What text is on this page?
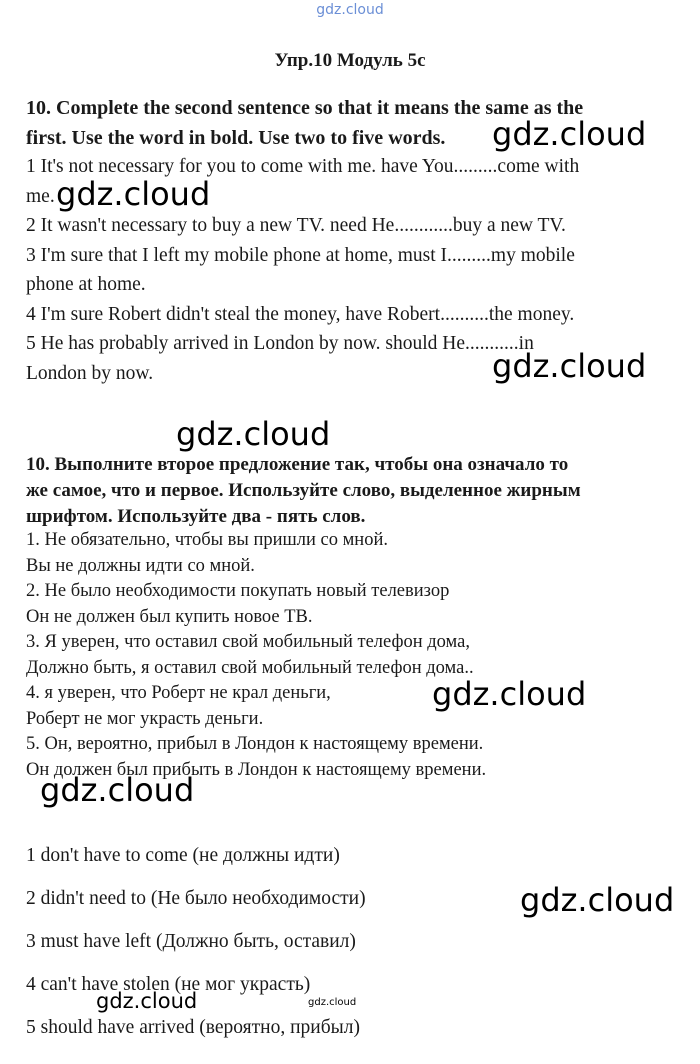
gdz.cloud
Упр.10 Модуль 5c
10. Complete the second sentence so that it means the same as the
first. Use the word in bold. Use two to five words.
1 It's not necessary for you to come with me. have You.........come with
me.
2 It wasn't necessary to buy a new TV. need He............buy a new TV.
3 I'm sure that I left my mobile phone at home, must I.........my mobile
phone at home.
4 I'm sure Robert didn't steal the money, have Robert..........the money.
5 He has probably arrived in London by now. should He...........in
London by now.
10. Выполните второе предложение так, чтобы она означало то
же самое, что и первое. Используйте слово, выделенное жирным
шрифтом. Используйте два - пять слов.
1. Не обязательно, чтобы вы пришли со мной.
Вы не должны идти со мной.
2. Не было необходимости покупать новый телевизор
Он не должен был купить новое ТВ.
3. Я уверен, что оставил свой мобильный телефон дома,
Должно быть, я оставил свой мобильный телефон дома..
4. я уверен, что Роберт не крал деньги,
Роберт не мог украсть деньги.
5. Он, вероятно, прибыл в Лондон к настоящему времени.
Он должен был прибыть в Лондон к настоящему времени.
1 don't have to come (не должны идти)
2 didn't need to (Не было необходимости)
3 must have left (Должно быть, оставил)
4 can't have stolen (не мог украсть)
5 should have arrived (вероятно, прибыл)
gdz.cloud
gdz.cloud
gdz.cloud
gdz.cloud
gdz.cloud
gdz.cloud
gdz.cloud
gdz.cloud	gdz.cloud
